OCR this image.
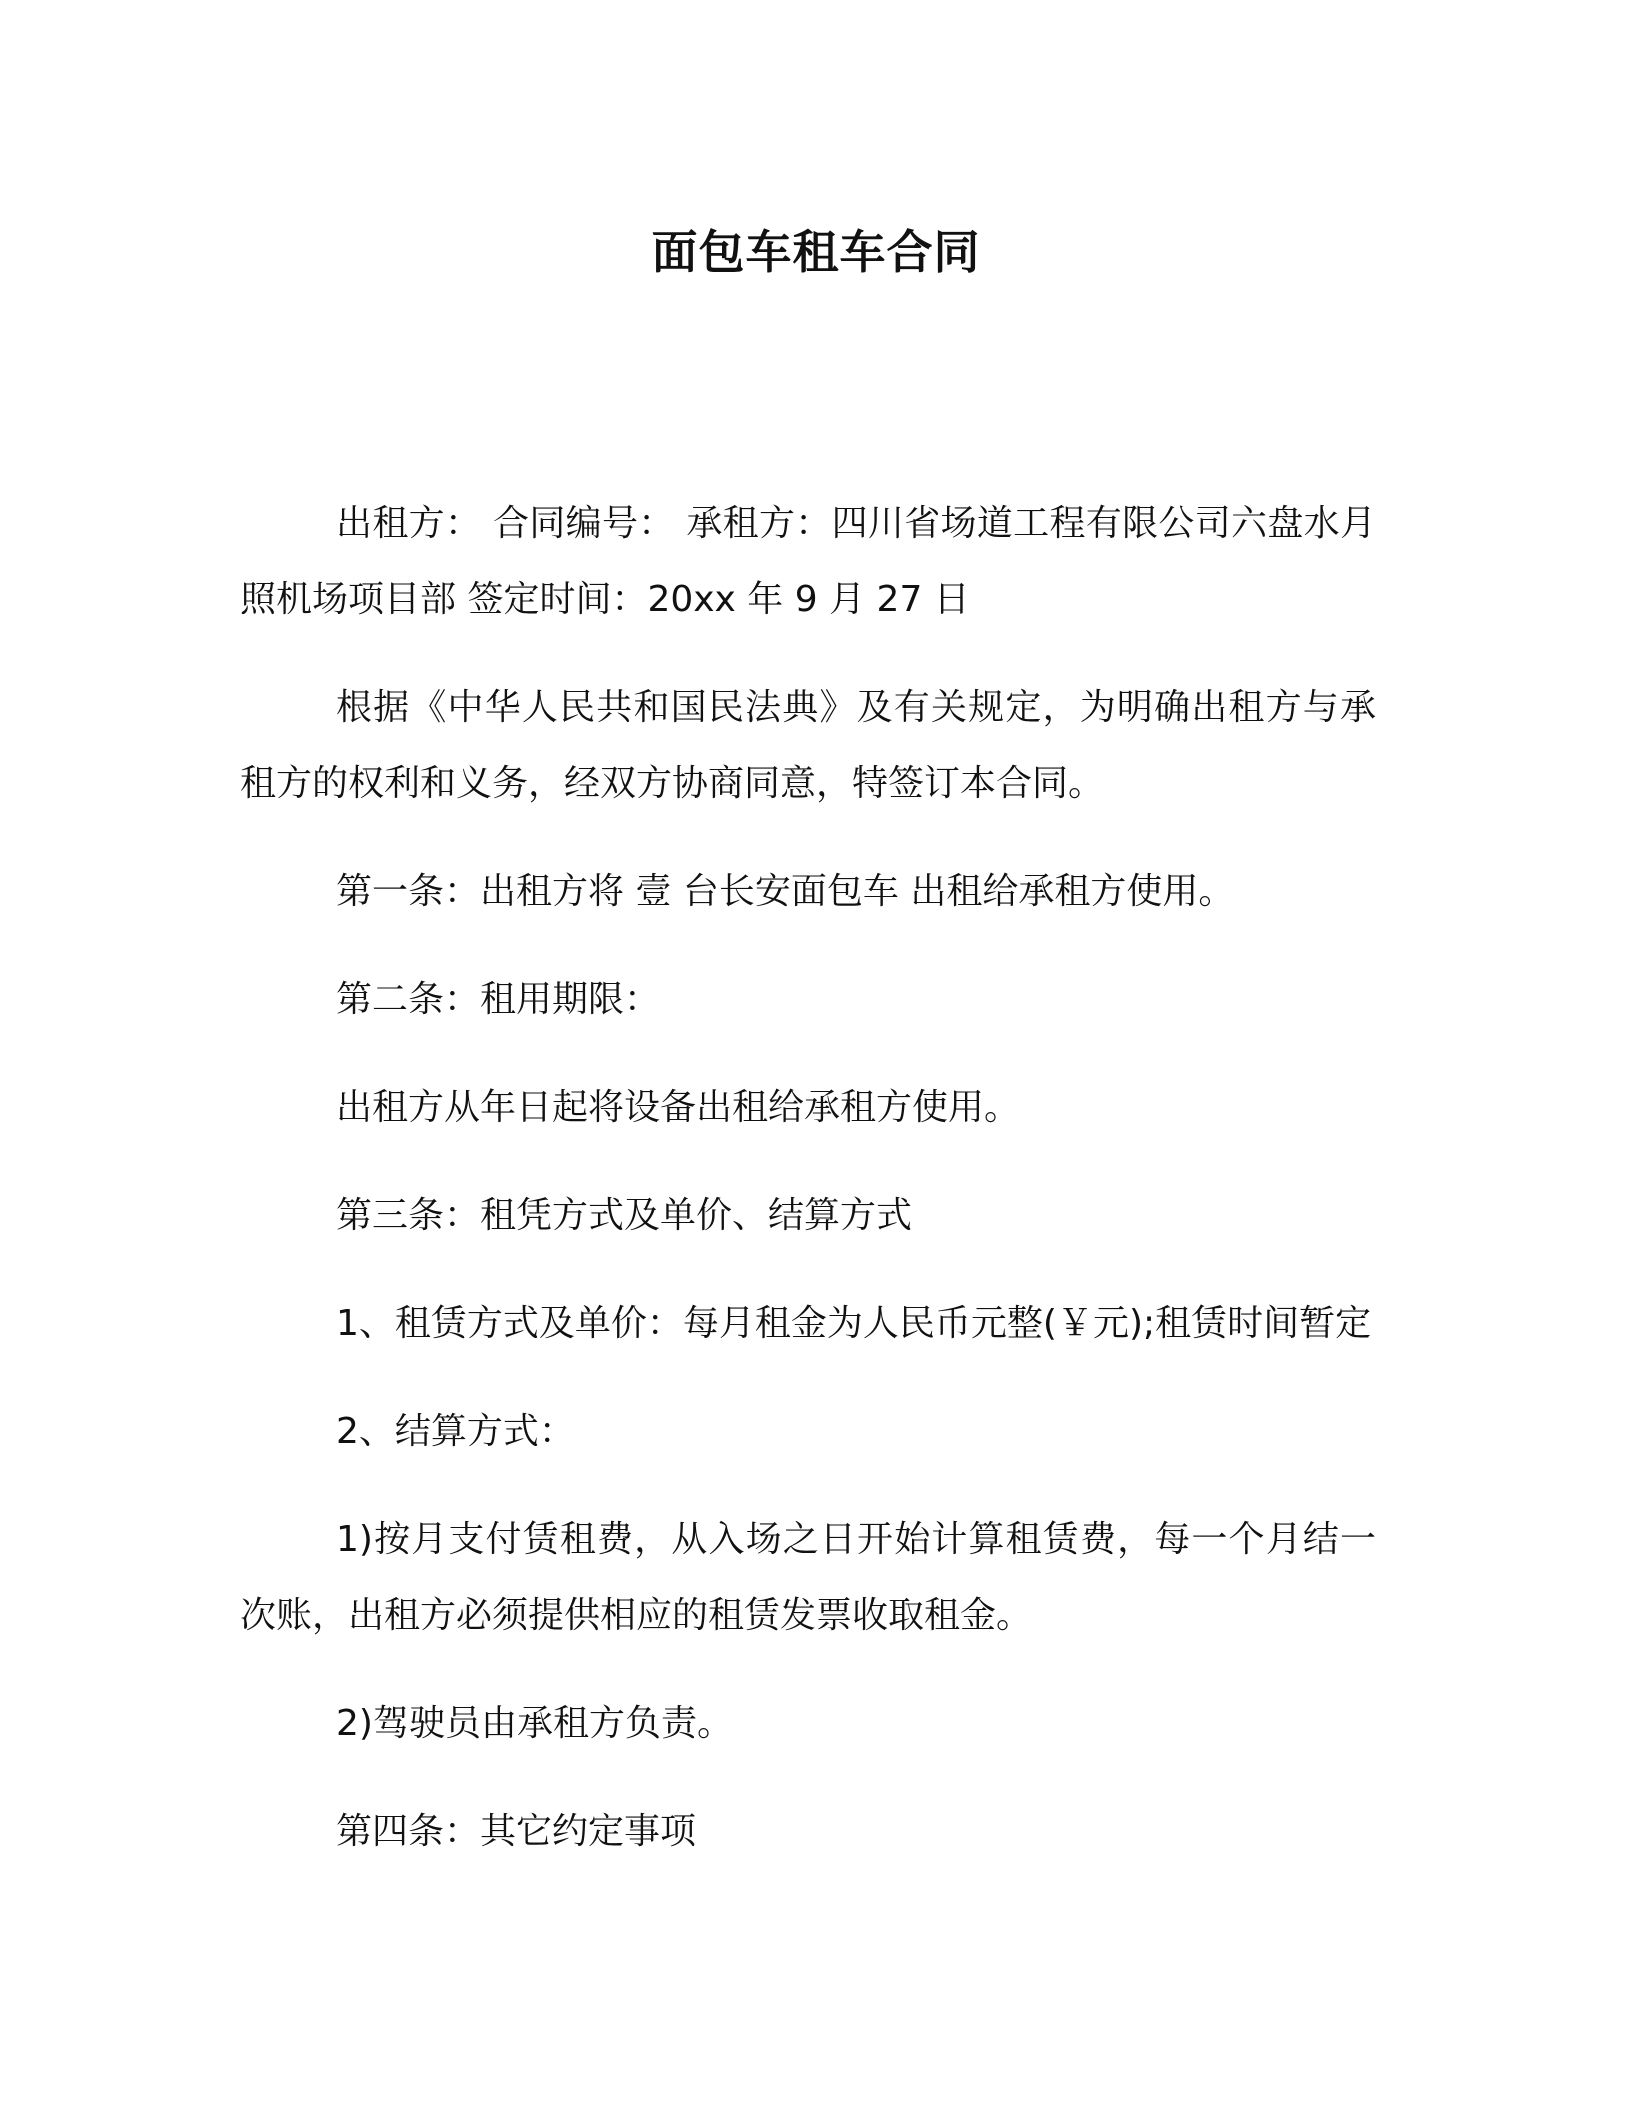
面包车租车合同

出租方： 合同编号： 承租方：四川省场道工程有限公司六盘水月照机场项目部 签定时间：20xx 年 9 月 27 日

根据《中华人民共和国民法典》及有关规定，为明确出租方与承租方的权利和义务，经双方协商同意，特签订本合同。

第一条：出租方将 壹 台长安面包车 出租给承租方使用。

第二条：租用期限：

出租方从年日起将设备出租给承租方使用。

第三条：租凭方式及单价、结算方式

1、租赁方式及单价：每月租金为人民币元整(￥元);租赁时间暂定

2、结算方式：

1)按月支付赁租费，从入场之日开始计算租赁费，每一个月结一次账，出租方必须提供相应的租赁发票收取租金。

2)驾驶员由承租方负责。

第四条：其它约定事项
